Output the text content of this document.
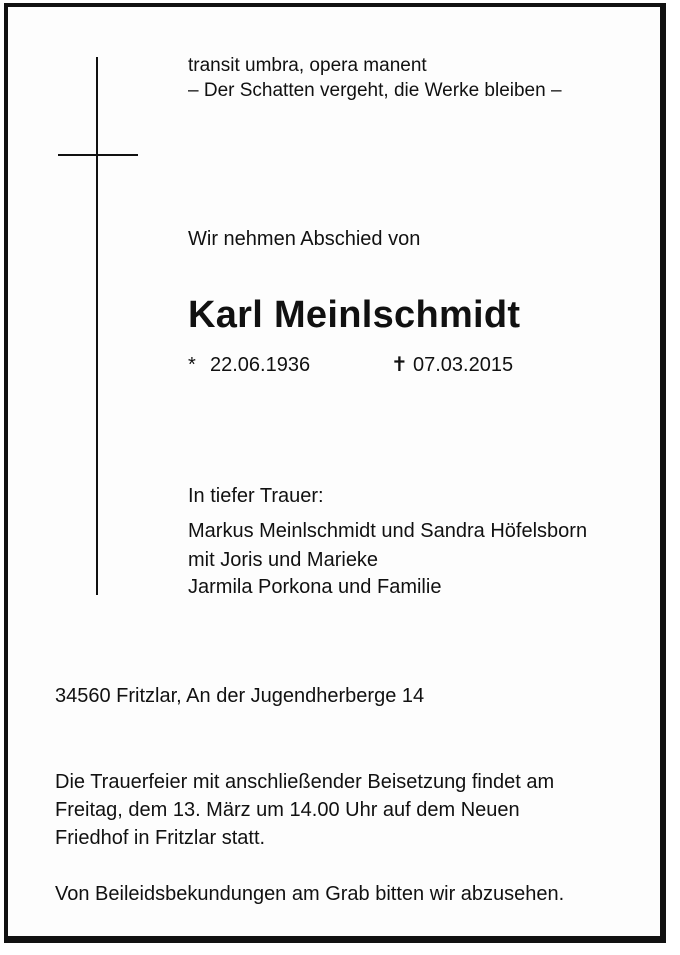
transit umbra, opera manent
– Der Schatten vergeht, die Werke bleiben –
Wir nehmen Abschied von
Karl Meinlschmidt
* 22.06.1936	✝ 07.03.2015
In tiefer Trauer:
Markus Meinlschmidt und Sandra Höfelsborn
mit Joris und Marieke
Jarmila Porkona und Familie
34560 Fritzlar, An der Jugendherberge 14
Die Trauerfeier mit anschließender Beisetzung findet am
Freitag, dem 13. März um 14.00 Uhr auf dem Neuen
Friedhof in Fritzlar statt.
Von Beileidsbekundungen am Grab bitten wir abzusehen.
